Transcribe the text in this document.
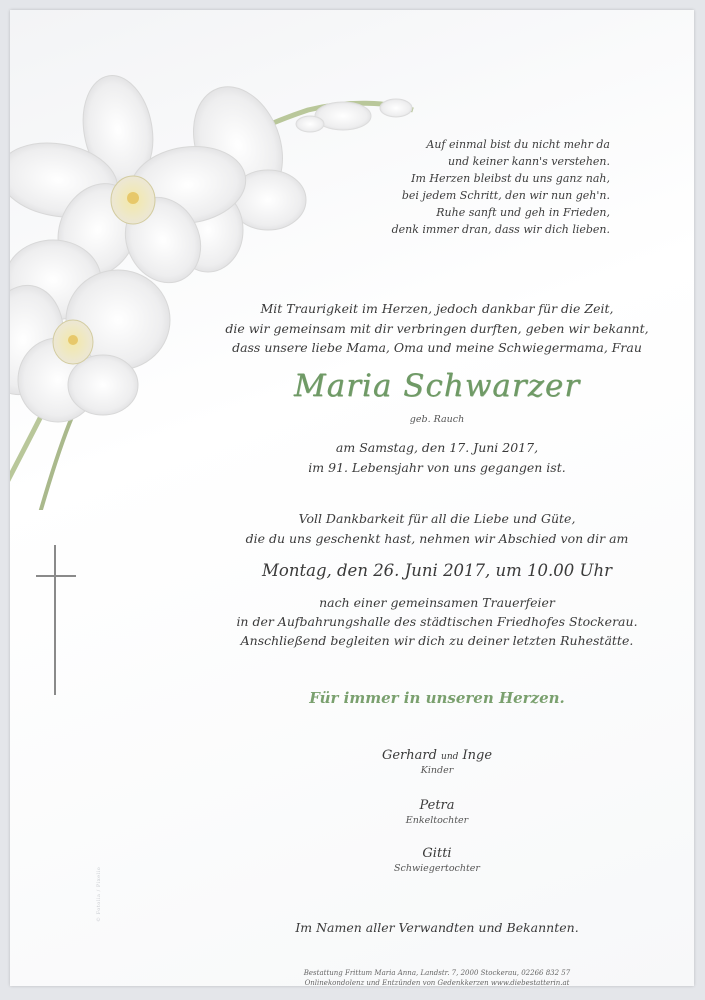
© Fotolia / Pixelio
Auf einmal bist du nicht mehr da
und keiner kann's verstehen.
Im Herzen bleibst du uns ganz nah,
bei jedem Schritt, den wir nun geh'n.
Ruhe sanft und geh in Frieden,
denk immer dran, dass wir dich lieben.
Mit Traurigkeit im Herzen, jedoch dankbar für die Zeit,
die wir gemeinsam mit dir verbringen durften, geben wir bekannt,
dass unsere liebe Mama, Oma und meine Schwiegermama, Frau
Maria Schwarzer
geb. Rauch
am Samstag, den 17. Juni 2017,
im 91. Lebensjahr von uns gegangen ist.
Voll Dankbarkeit für all die Liebe und Güte,
die du uns geschenkt hast, nehmen wir Abschied von dir am
Montag, den 26. Juni 2017, um 10.00 Uhr
nach einer gemeinsamen Trauerfeier
in der Aufbahrungshalle des städtischen Friedhofes Stockerau.
Anschließend begleiten wir dich zu deiner letzten Ruhestätte.
Für immer in unseren Herzen.
Gerhard und Inge
Kinder
Petra
Enkeltochter
Gitti
Schwiegertochter
Im Namen aller Verwandten und Bekannten.
Bestattung Frittum Maria Anna, Landstr. 7, 2000 Stockerau, 02266 832 57
Onlinekondolenz und Entzünden von Gedenkkerzen www.diebestatterin.at
